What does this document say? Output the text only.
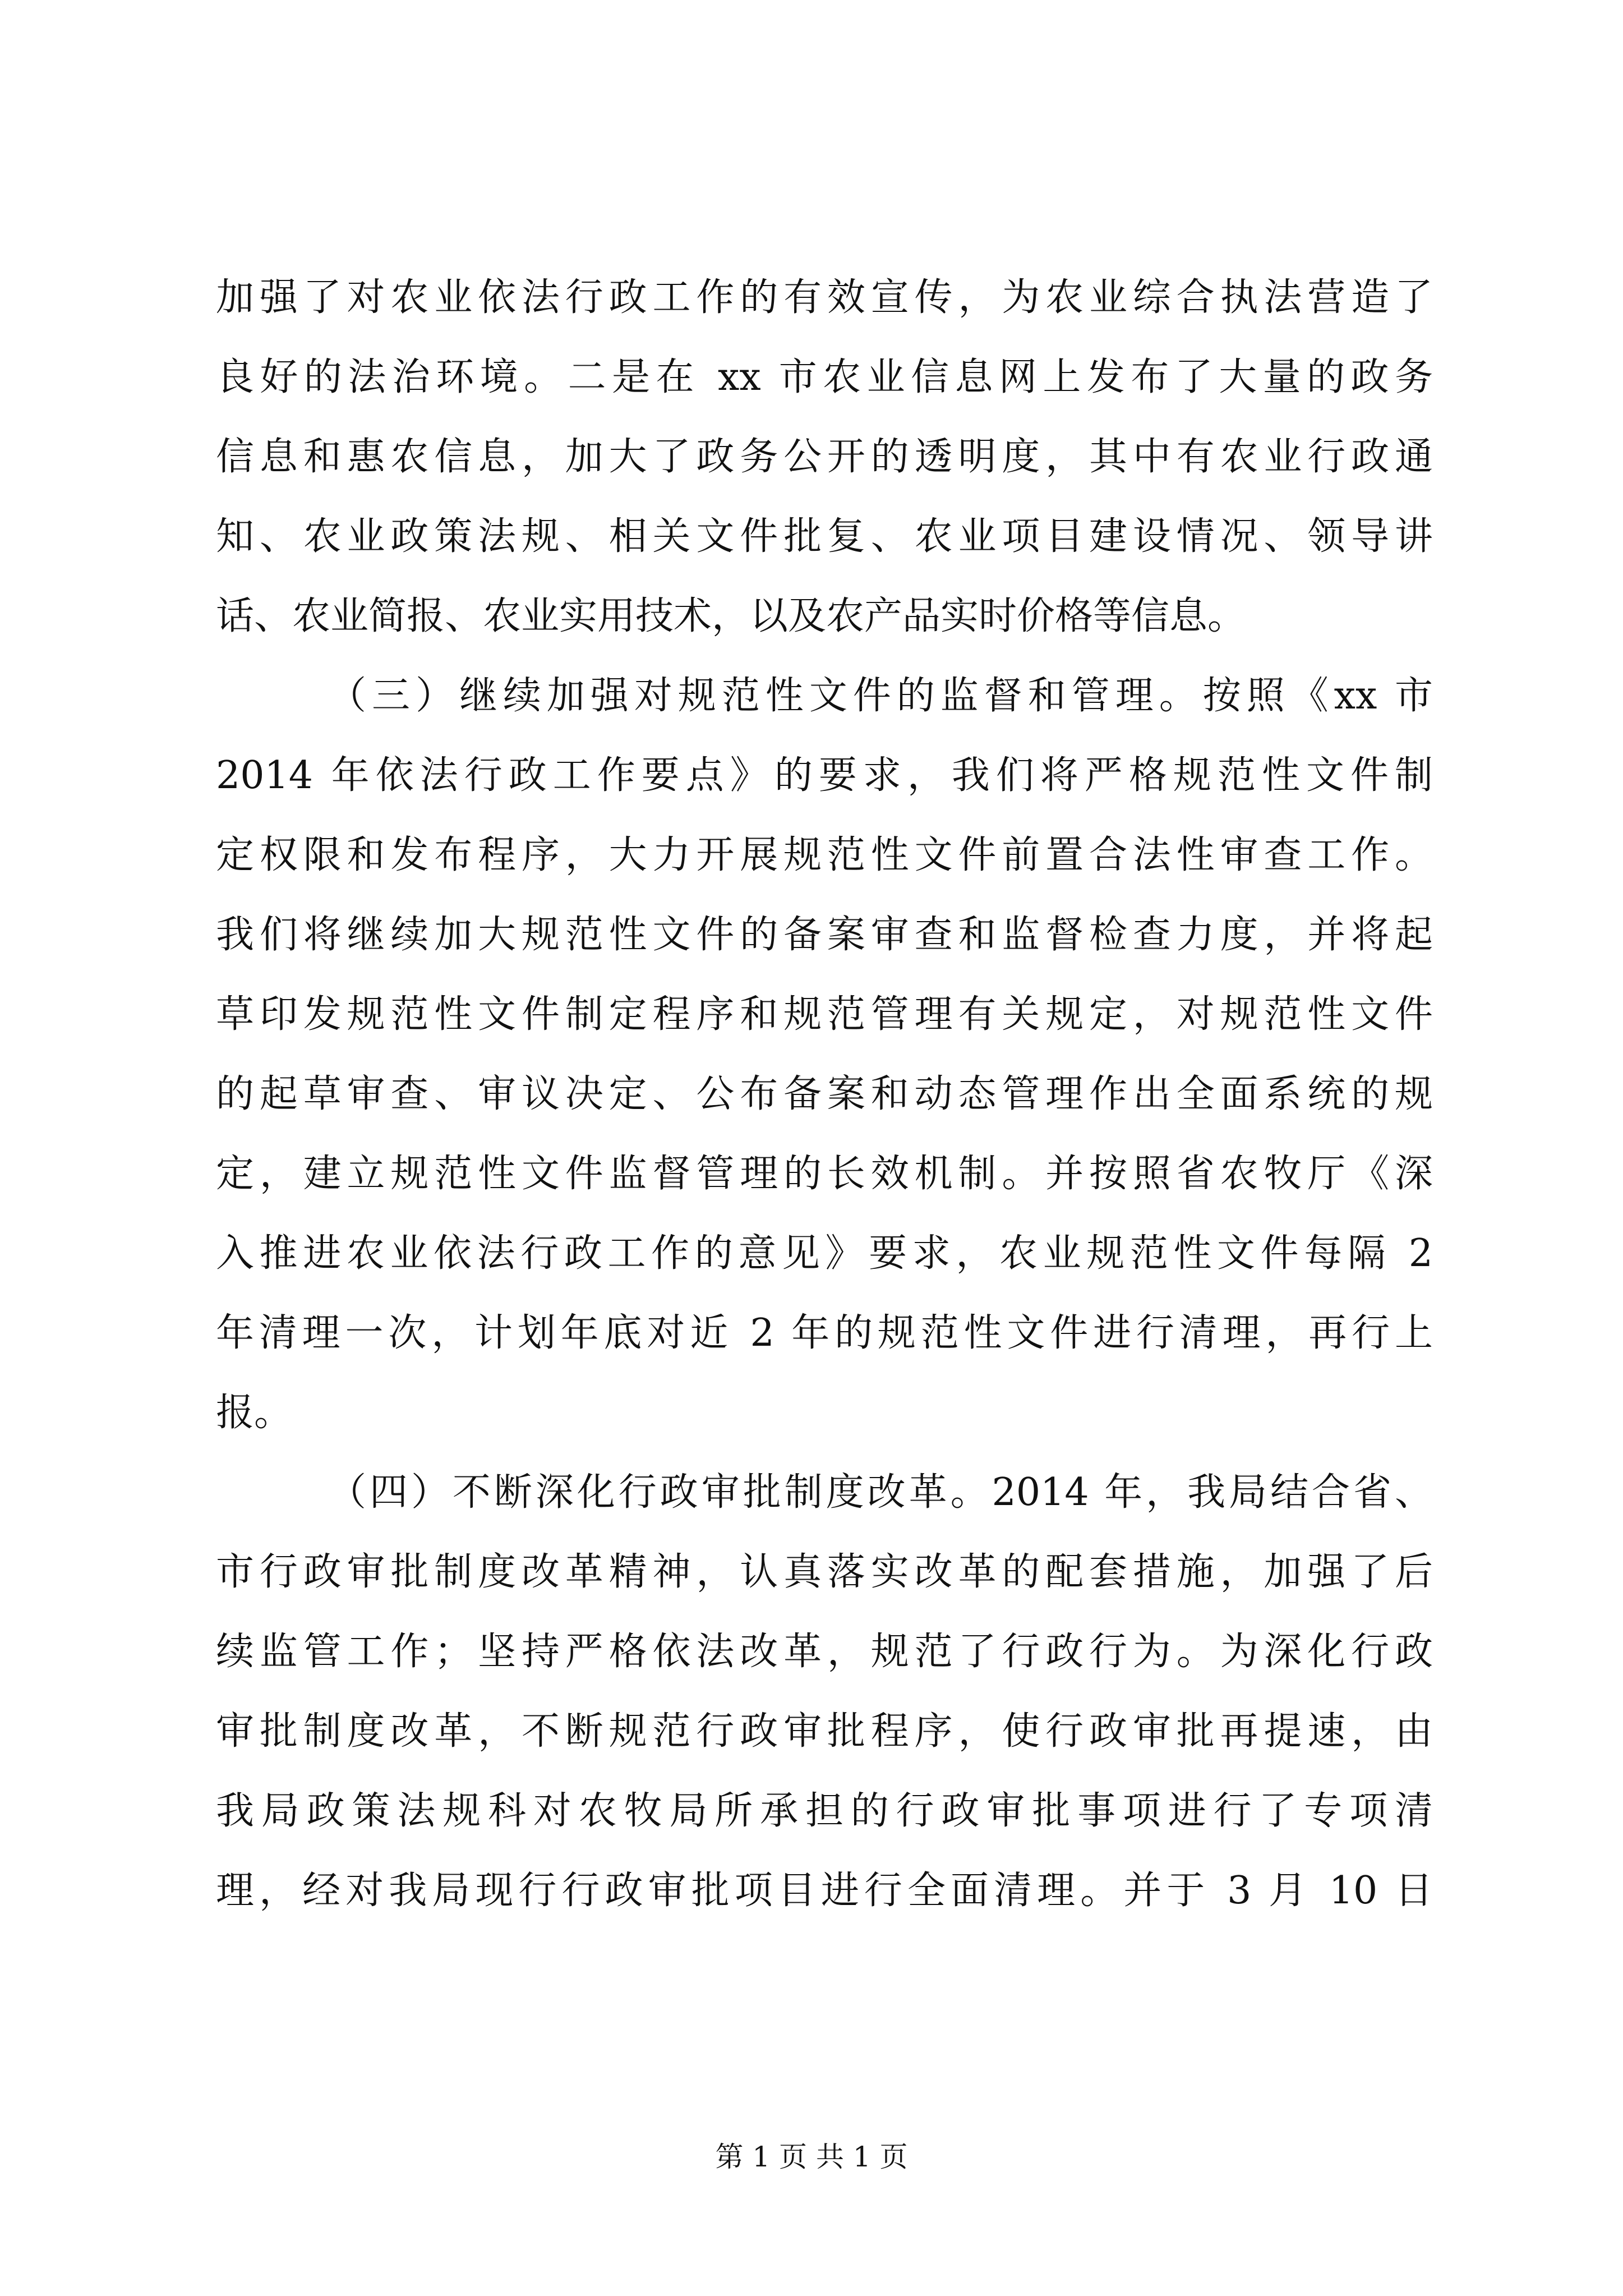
加强了对农业依法行政工作的有效宣传，为农业综合执法营造了
良好的法治环境。二是在 xx 市农业信息网上发布了大量的政务
信息和惠农信息，加大了政务公开的透明度，其中有农业行政通
知、农业政策法规、相关文件批复、农业项目建设情况、领导讲
话、农业简报、农业实用技术，以及农产品实时价格等信息。
（三）继续加强对规范性文件的监督和管理。按照《xx 市
2014 年依法行政工作要点》的要求，我们将严格规范性文件制
定权限和发布程序，大力开展规范性文件前置合法性审查工作。
我们将继续加大规范性文件的备案审查和监督检查力度，并将起
草印发规范性文件制定程序和规范管理有关规定，对规范性文件
的起草审查、审议决定、公布备案和动态管理作出全面系统的规
定，建立规范性文件监督管理的长效机制。并按照省农牧厅《深
入推进农业依法行政工作的意见》要求，农业规范性文件每隔 2
年清理一次，计划年底对近 2 年的规范性文件进行清理，再行上
报。
（四）不断深化行政审批制度改革。2014 年，我局结合省、
市行政审批制度改革精神，认真落实改革的配套措施，加强了后
续监管工作；坚持严格依法改革，规范了行政行为。为深化行政
审批制度改革，不断规范行政审批程序，使行政审批再提速，由
我局政策法规科对农牧局所承担的行政审批事项进行了专项清
理，经对我局现行行政审批项目进行全面清理。并于 3 月 10 日
第 1 页 共 1 页
